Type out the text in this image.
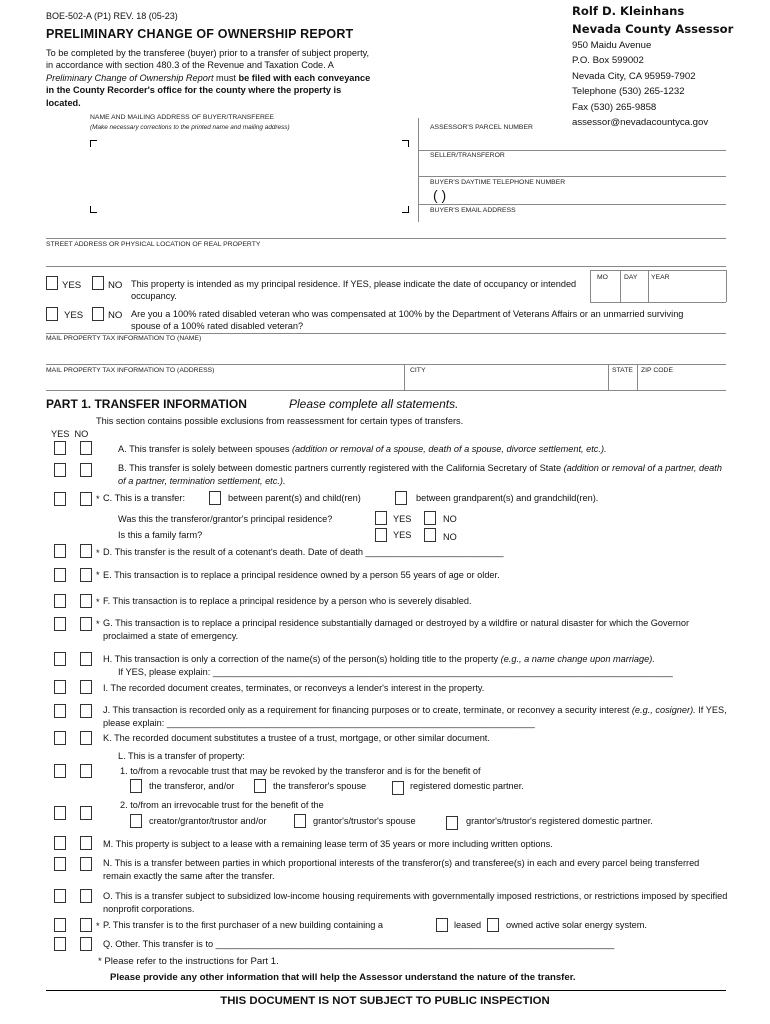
BOE-502-A (P1) REV. 18 (05-23)
PRELIMINARY CHANGE OF OWNERSHIP REPORT
To be completed by the transferee (buyer) prior to a transfer of subject property, in accordance with section 480.3 of the Revenue and Taxation Code. A Preliminary Change of Ownership Report must be filed with each conveyance in the County Recorder's office for the county where the property is located.
Rolf D. Kleinhans
Nevada County Assessor
950 Maidu Avenue
P.O. Box 599002
Nevada City, CA 95959-7902
Telephone (530) 265-1232
Fax (530) 265-9858
assessor@nevadacountyca.gov
NAME AND MAILING ADDRESS OF BUYER/TRANSFEREE
(Make necessary corrections to the printed name and mailing address)	ASSESSOR'S PARCEL NUMBER
SELLER/TRANSFEROR
BUYER'S DAYTIME TELEPHONE NUMBER
( )
BUYER'S EMAIL ADDRESS
STREET ADDRESS OR PHYSICAL LOCATION OF REAL PROPERTY
YES	NO This property is intended as my principal residence. If YES, please indicate the date of occupancy or intended occupancy.
MO DAY YEAR
YES	NO Are you a 100% rated disabled veteran who was compensated at 100% by the Department of Veterans Affairs or an unmarried surviving spouse of a 100% rated disabled veteran?
MAIL PROPERTY TAX INFORMATION TO (NAME)
MAIL PROPERTY TAX INFORMATION TO (ADDRESS)	CITY	STATE ZIP CODE
PART 1. TRANSFER INFORMATION	Please complete all statements.
This section contains possible exclusions from reassessment for certain types of transfers.
YES  NO
A. This transfer is solely between spouses (addition or removal of a spouse, death of a spouse, divorce settlement, etc.).
B. This transfer is solely between domestic partners currently registered with the California Secretary of State (addition or removal of a partner, death of a partner, termination settlement, etc.).
* C. This is a transfer:	between parent(s) and child(ren)	between grandparent(s) and grandchild(ren).
Was this the transferor/grantor's principal residence?	YES	NO
Is this a family farm?	YES	NO
* D. This transfer is the result of a cotenant's death. Date of death ___________________________
* E. This transaction is to replace a principal residence owned by a person 55 years of age or older.
* F. This transaction is to replace a principal residence by a person who is severely disabled.
* G. This transaction is to replace a principal residence substantially damaged or destroyed by a wildfire or natural disaster for which the Governor proclaimed a state of emergency.
H. This transaction is only a correction of the name(s) of the person(s) holding title to the property (e.g., a name change upon marriage).
If YES, please explain: __________________________________________________________________________________________
I. The recorded document creates, terminates, or reconveys a lender's interest in the property.
J. This transaction is recorded only as a requirement for financing purposes or to create, terminate, or reconvey a security interest (e.g., cosigner). If YES, please explain: ________________________________________________________________________
K. The recorded document substitutes a trustee of a trust, mortgage, or other similar document.
L. This is a transfer of property:
1. to/from a revocable trust that may be revoked by the transferor and is for the benefit of
the transferor, and/or	the transferor's spouse	registered domestic partner.
2. to/from an irrevocable trust for the benefit of the
creator/grantor/trustor and/or	grantor's/trustor's spouse	grantor's/trustor's registered domestic partner.
M. This property is subject to a lease with a remaining lease term of 35 years or more including written options.
N. This is a transfer between parties in which proportional interests of the transferor(s) and transferee(s) in each and every parcel being transferred remain exactly the same after the transfer.
O. This is a transfer subject to subsidized low-income housing requirements with governmentally imposed restrictions, or restrictions imposed by specified nonprofit corporations.
* P. This transfer is to the first purchaser of a new building containing a	leased	owned active solar energy system.
Q. Other. This transfer is to ______________________________________________________________________________
* Please refer to the instructions for Part 1.
Please provide any other information that will help the Assessor understand the nature of the transfer.
THIS DOCUMENT IS NOT SUBJECT TO PUBLIC INSPECTION
